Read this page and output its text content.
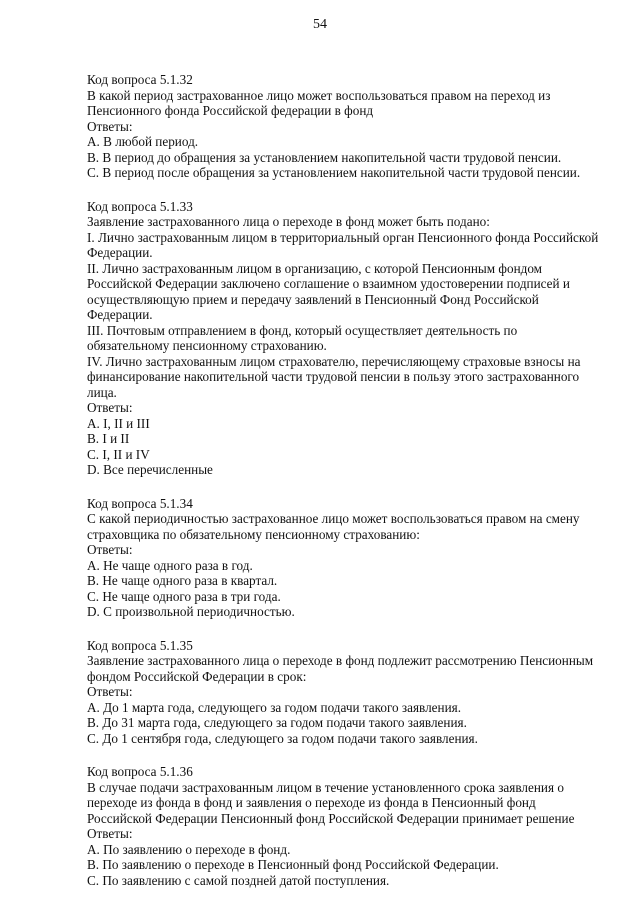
54
Код вопроса 5.1.32
В какой период застрахованное лицо может воспользоваться правом на переход из Пенсионного фонда Российской федерации в фонд
Ответы:
А. В любой период.
В. В период до обращения за установлением накопительной части трудовой пенсии.
С. В период после обращения за установлением накопительной части трудовой пенсии.
Код вопроса 5.1.33
Заявление застрахованного лица о переходе в фонд может быть подано:
I. Лично застрахованным лицом в территориальный орган Пенсионного фонда Российской Федерации.
II. Лично застрахованным лицом в организацию, с которой Пенсионным фондом Российской Федерации заключено соглашение о взаимном удостоверении подписей и осуществляющую прием и передачу заявлений в Пенсионный Фонд Российской Федерации.
III. Почтовым отправлением в фонд, который осуществляет деятельность по обязательному пенсионному страхованию.
IV. Лично застрахованным лицом страхователю, перечисляющему страховые взносы на финансирование накопительной части трудовой пенсии в пользу этого застрахованного лица.
Ответы:
A. I, II и III
B. I и II
C. I, II и IV
D. Все перечисленные
Код вопроса 5.1.34
С какой периодичностью застрахованное лицо может воспользоваться правом на смену страховщика по обязательному пенсионному страхованию:
Ответы:
A. Не чаще одного раза в год.
B. Не чаще одного раза в квартал.
C. Не чаще одного раза в три года.
D. С произвольной периодичностью.
Код вопроса 5.1.35
Заявление застрахованного лица о переходе в фонд подлежит рассмотрению Пенсионным фондом Российской Федерации в срок:
Ответы:
А. До 1 марта года, следующего за годом подачи такого заявления.
В. До 31 марта года, следующего за годом подачи такого заявления.
С. До 1 сентября года, следующего за годом подачи такого заявления.
Код вопроса 5.1.36
В случае подачи застрахованным лицом в течение установленного срока заявления о переходе из фонда в фонд и заявления о переходе из фонда в Пенсионный фонд Российской Федерации Пенсионный фонд Российской Федерации принимает решение
Ответы:
А. По заявлению о переходе в фонд.
В. По заявлению о переходе в Пенсионный фонд Российской Федерации.
С. По заявлению с самой поздней датой поступления.
